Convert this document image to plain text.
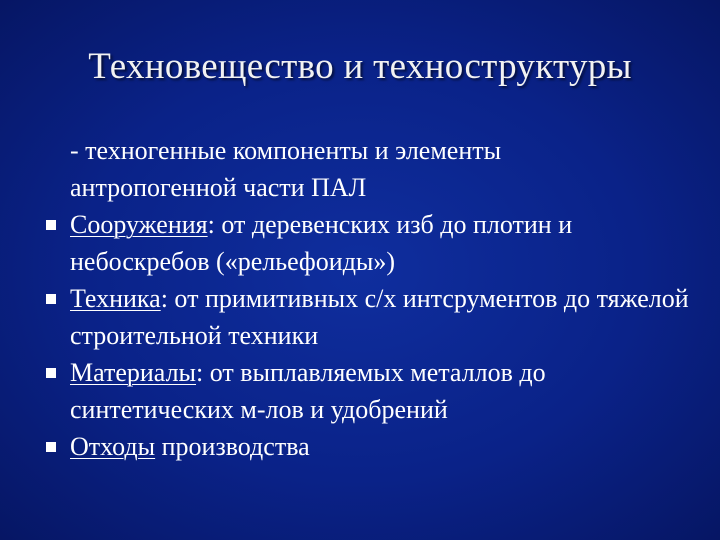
Техновещество и техноструктуры
- техногенные компоненты и элементы
антропогенной части ПАЛ
Сооружения: от деревенских изб до плотин и небоскребов («рельефоиды»)
Техника: от примитивных с/х интсрументов до тяжелой строительной техники
Материалы: от выплавляемых металлов до синтетических м-лов и удобрений
Отходы производства
